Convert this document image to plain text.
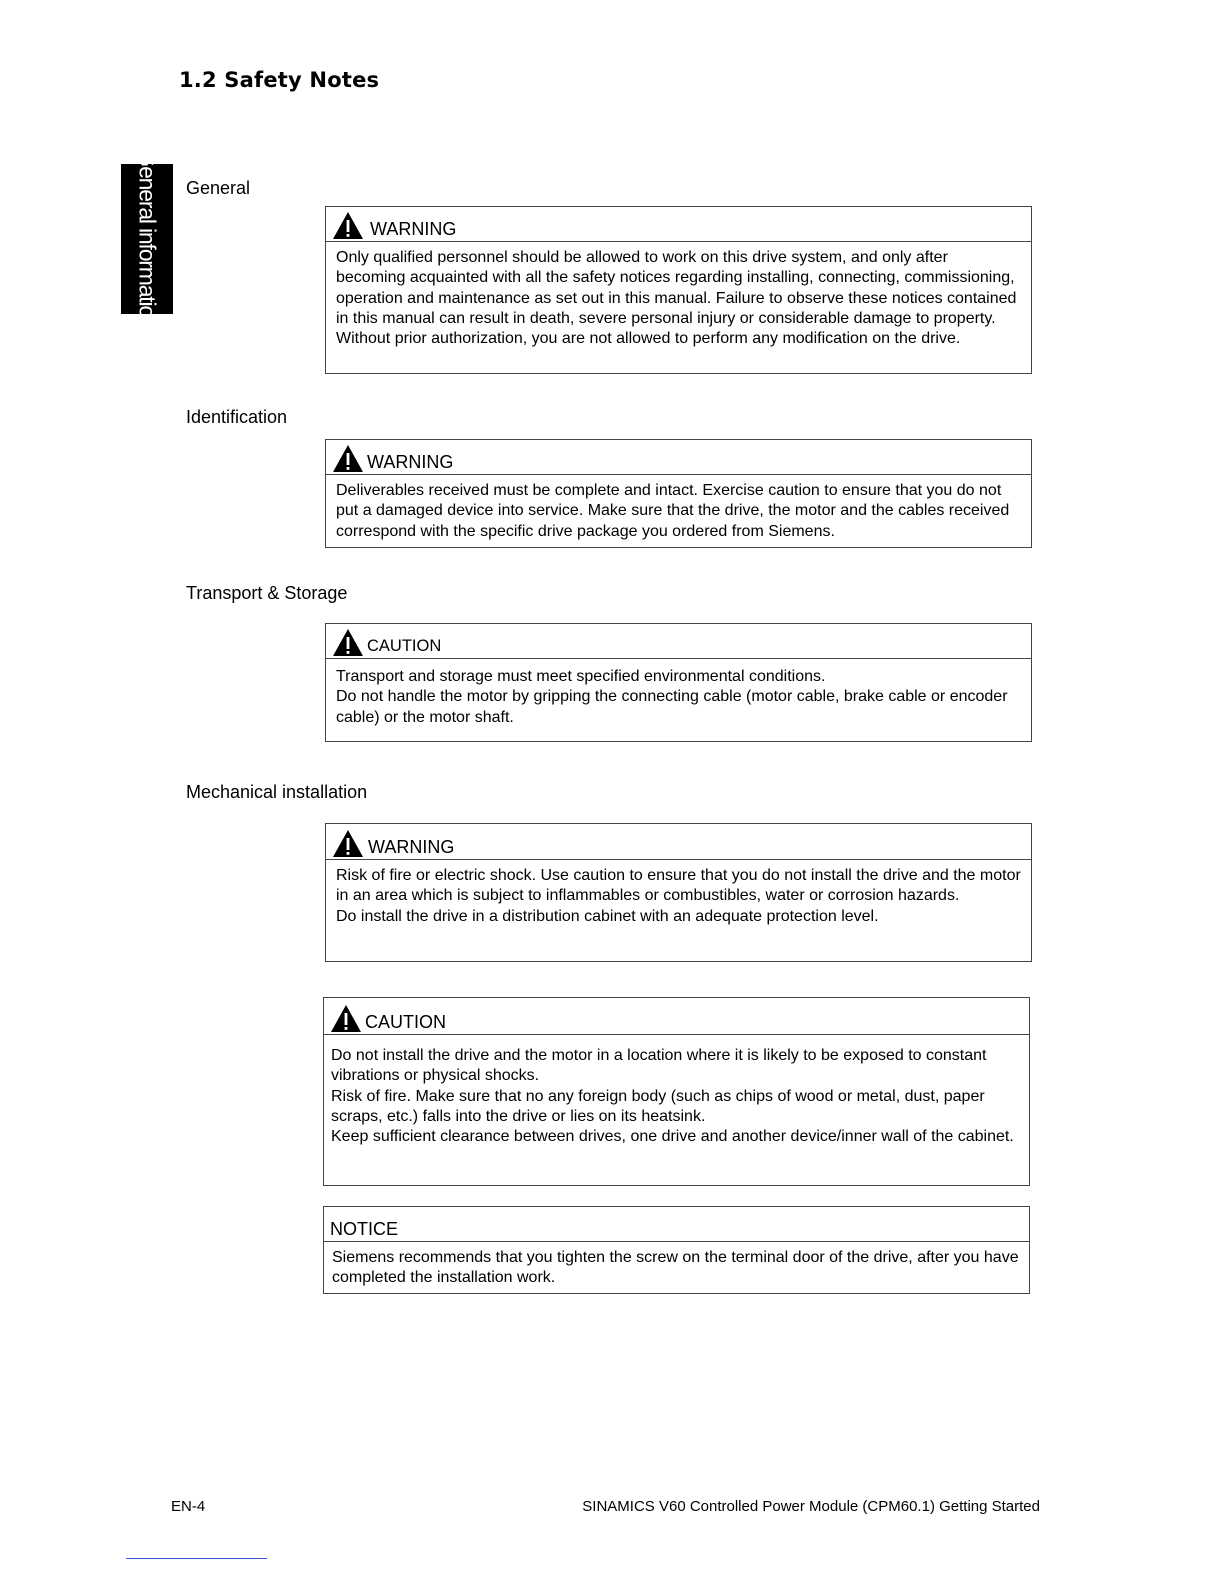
1.2 Safety Notes
General information General
WARNING

Only qualified personnel should be allowed to work on this drive system, and only after becoming acquainted with all the safety notices regarding installing, connecting, commissioning, operation and maintenance as set out in this manual. Failure to observe these notices contained in this manual can result in death, severe personal injury or considerable damage to property. Without prior authorization, you are not allowed to perform any modification on the drive.

Identification
WARNING

Deliverables received must be complete and intact. Exercise caution to ensure that you do not put a damaged device into service. Make sure that the drive, the motor and the cables received correspond with the specific drive package you ordered from Siemens.

Transport & Storage
CAUTION

Transport and storage must meet specified environmental conditions.

Do not handle the motor by gripping the connecting cable (motor cable, brake cable or encoder cable) or the motor shaft.

Mechanical installation
WARNING

Risk of fire or electric shock. Use caution to ensure that you do not install the drive and the motor in an area which is subject to inflammables or combustibles, water or corrosion hazards.

Do install the drive in a distribution cabinet with an adequate protection level.

CAUTION

Do not install the drive and the motor in a location where it is likely to be exposed to constant vibrations or physical shocks.

Risk of fire. Make sure that no any foreign body (such as chips of wood or metal, dust, paper scraps, etc.) falls into the drive or lies on its heatsink.

Keep sufficient clearance between drives, one drive and another device/inner wall of the cabinet.

NOTICE

Siemens recommends that you tighten the screw on the terminal door of the drive, after you have completed the installation work.

EN-4	SINAMICS V60 Controlled Power Module (CPM60.1) Getting Started
